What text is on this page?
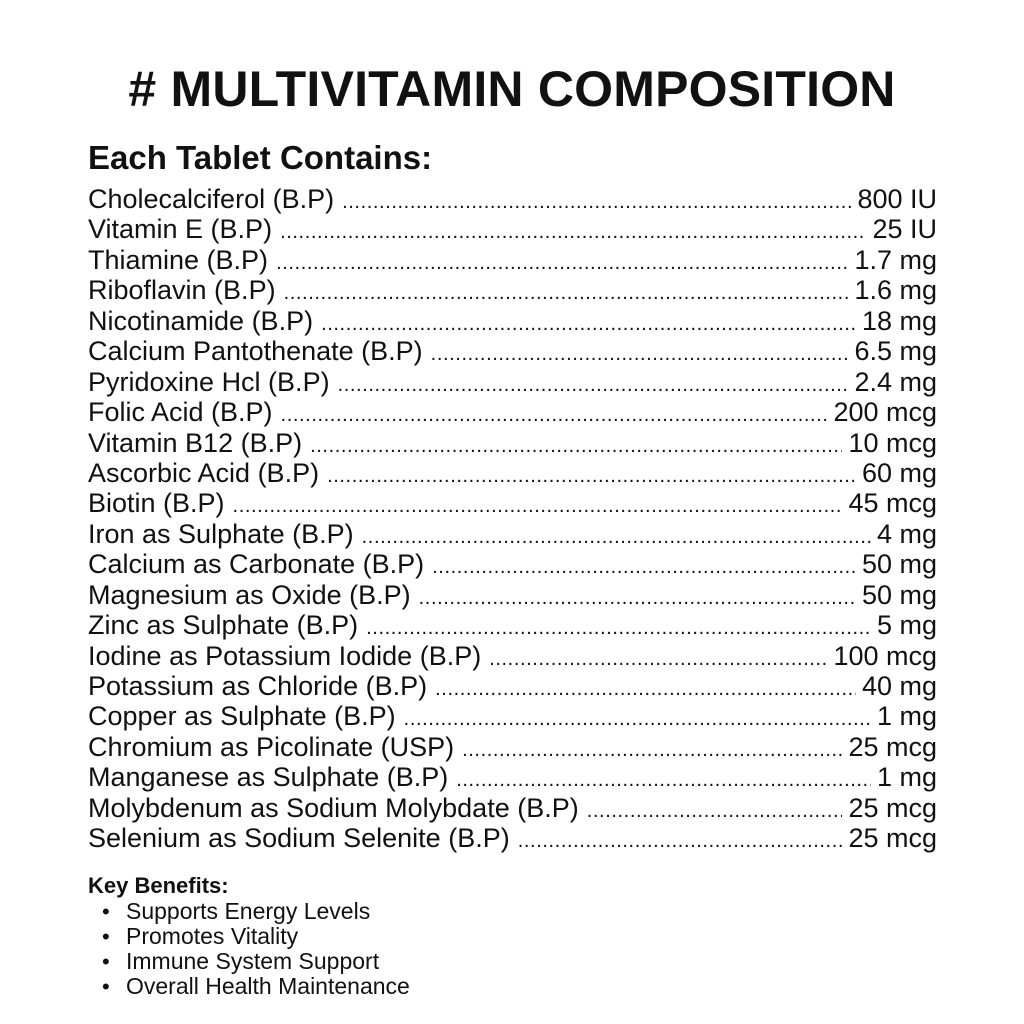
# MULTIVITAMIN COMPOSITION
Each Tablet Contains:
Cholecalciferol (B.P) .....	800 IU
Vitamin E (B.P) .....	25 IU
Thiamine (B.P) .....	1.7 mg
Riboflavin (B.P) .....	1.6 mg
Nicotinamide (B.P) .....	18 mg
Calcium Pantothenate (B.P) .....	6.5 mg
Pyridoxine Hcl (B.P) .....	2.4 mg
Folic Acid (B.P) .....	200 mcg
Vitamin B12 (B.P) .....	10 mcg
Ascorbic Acid (B.P) .....	60 mg
Biotin (B.P) .....	45 mcg
Iron as Sulphate (B.P) .....	4 mg
Calcium as Carbonate (B.P) .....	50 mg
Magnesium as Oxide (B.P) .....	50 mg
Zinc as Sulphate (B.P) .....	5 mg
Iodine as Potassium Iodide (B.P) .....	100 mcg
Potassium as Chloride (B.P) .....	40 mg
Copper as Sulphate (B.P) .....	1 mg
Chromium as Picolinate (USP) .....	25 mcg
Manganese as Sulphate (B.P) .....	1 mg
Molybdenum as Sodium Molybdate (B.P) .....	25 mcg
Selenium as Sodium Selenite (B.P) .....	25 mcg
Key Benefits:
• Supports Energy Levels
• Promotes Vitality
• Immune System Support
• Overall Health Maintenance
